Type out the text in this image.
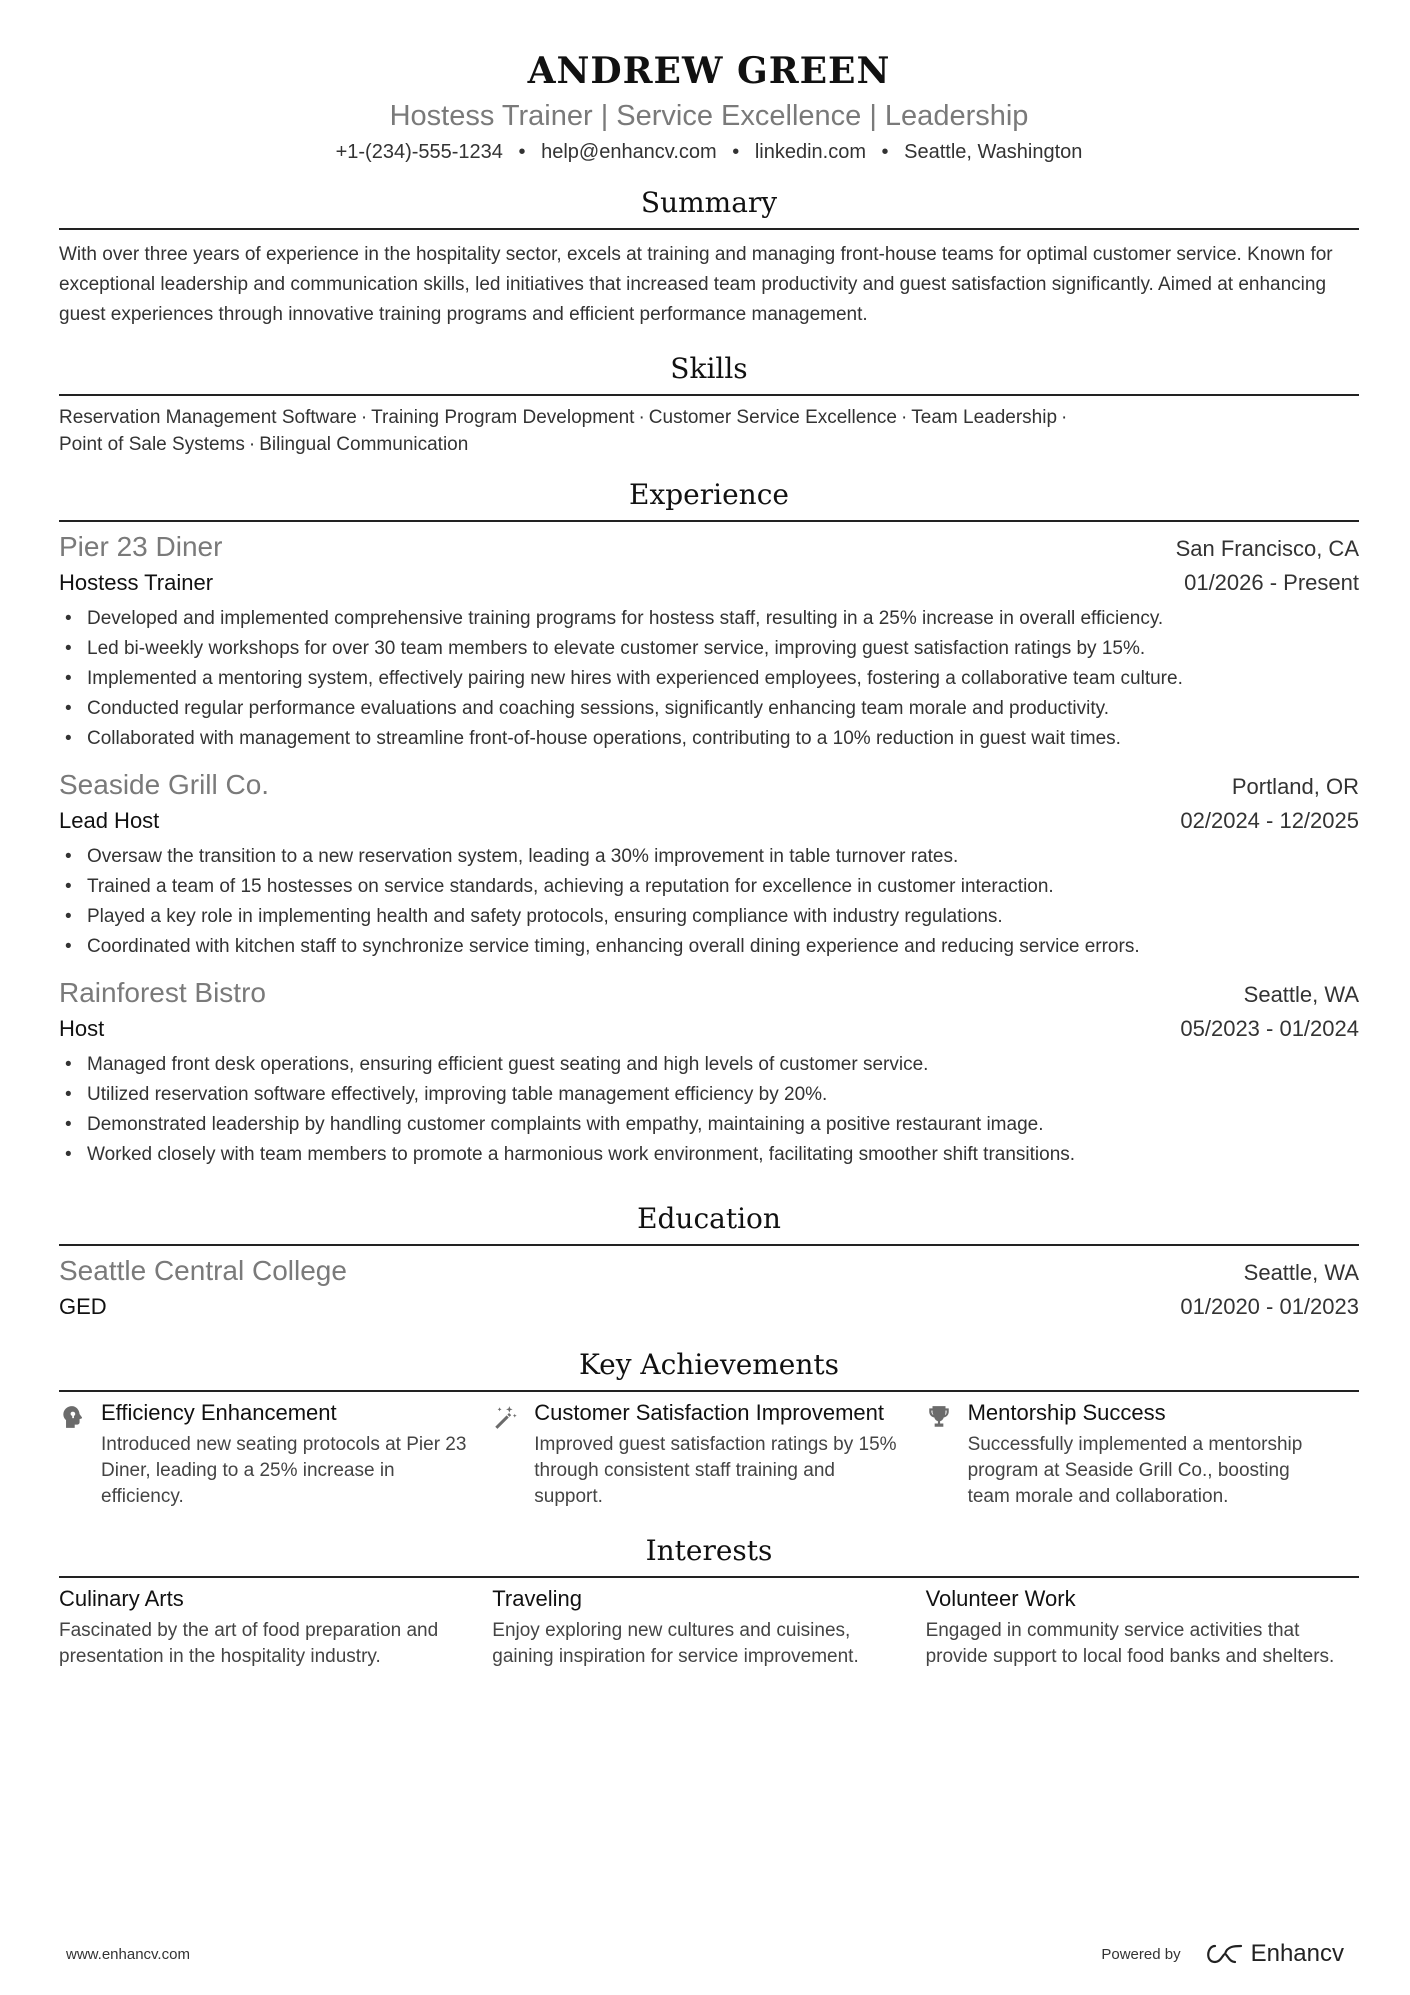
ANDREW GREEN
Hostess Trainer | Service Excellence | Leadership
+1-(234)-555-1234 • help@enhancv.com • linkedin.com • Seattle, Washington
Summary
With over three years of experience in the hospitality sector, excels at training and managing front-house teams for optimal customer service. Known for exceptional leadership and communication skills, led initiatives that increased team productivity and guest satisfaction significantly. Aimed at enhancing guest experiences through innovative training programs and efficient performance management.
Skills
Reservation Management Software · Training Program Development · Customer Service Excellence · Team Leadership ·
Point of Sale Systems · Bilingual Communication
Experience
Pier 23 Diner	San Francisco, CA
Hostess Trainer	01/2026 - Present
• Developed and implemented comprehensive training programs for hostess staff, resulting in a 25% increase in overall efficiency.
• Led bi-weekly workshops for over 30 team members to elevate customer service, improving guest satisfaction ratings by 15%.
• Implemented a mentoring system, effectively pairing new hires with experienced employees, fostering a collaborative team culture.
• Conducted regular performance evaluations and coaching sessions, significantly enhancing team morale and productivity.
• Collaborated with management to streamline front-of-house operations, contributing to a 10% reduction in guest wait times.
Seaside Grill Co.	Portland, OR
Lead Host	02/2024 - 12/2025
• Oversaw the transition to a new reservation system, leading a 30% improvement in table turnover rates.
• Trained a team of 15 hostesses on service standards, achieving a reputation for excellence in customer interaction.
• Played a key role in implementing health and safety protocols, ensuring compliance with industry regulations.
• Coordinated with kitchen staff to synchronize service timing, enhancing overall dining experience and reducing service errors.
Rainforest Bistro	Seattle, WA
Host	05/2023 - 01/2024
• Managed front desk operations, ensuring efficient guest seating and high levels of customer service.
• Utilized reservation software effectively, improving table management efficiency by 20%.
• Demonstrated leadership by handling customer complaints with empathy, maintaining a positive restaurant image.
• Worked closely with team members to promote a harmonious work environment, facilitating smoother shift transitions.
Education
Seattle Central College	Seattle, WA
GED	01/2020 - 01/2023
Key Achievements
Efficiency Enhancement
Introduced new seating protocols at Pier 23 Diner, leading to a 25% increase in efficiency.
Customer Satisfaction Improvement
Improved guest satisfaction ratings by 15% through consistent staff training and support.
Mentorship Success
Successfully implemented a mentorship program at Seaside Grill Co., boosting team morale and collaboration.
Interests
Culinary Arts
Fascinated by the art of food preparation and presentation in the hospitality industry.
Traveling
Enjoy exploring new cultures and cuisines, gaining inspiration for service improvement.
Volunteer Work
Engaged in community service activities that provide support to local food banks and shelters.
www.enhancv.com	Powered by	Enhancv
